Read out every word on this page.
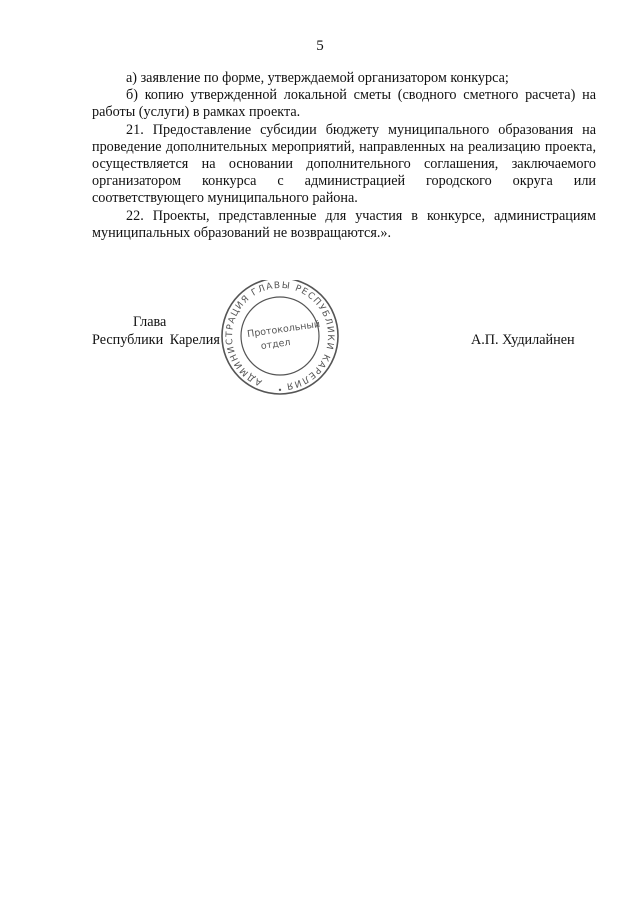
5

а) заявление по форме, утверждаемой организатором конкурса;

б) копию утвержденной локальной сметы (сводного сметного расчета) на работы (услуги) в рамках проекта.

21. Предоставление субсидии бюджету муниципального образования на проведение дополнительных мероприятий, направленных на реализацию проекта, осуществляется на основании дополнительного соглашения, заключаемого организатором конкурса с администрацией городского округа или соответствующего муниципального района.

22. Проекты, представленные для участия в конкурсе, администрациям муниципальных образований не возвращаются.».

АДМИНИСТРАЦИЯ ГЛАВЫ РЕСПУБЛИКИ КАРЕЛИЯ
•
Протокольный
отдел
Глава
Республики Карелия	А.П. Худилайнен
